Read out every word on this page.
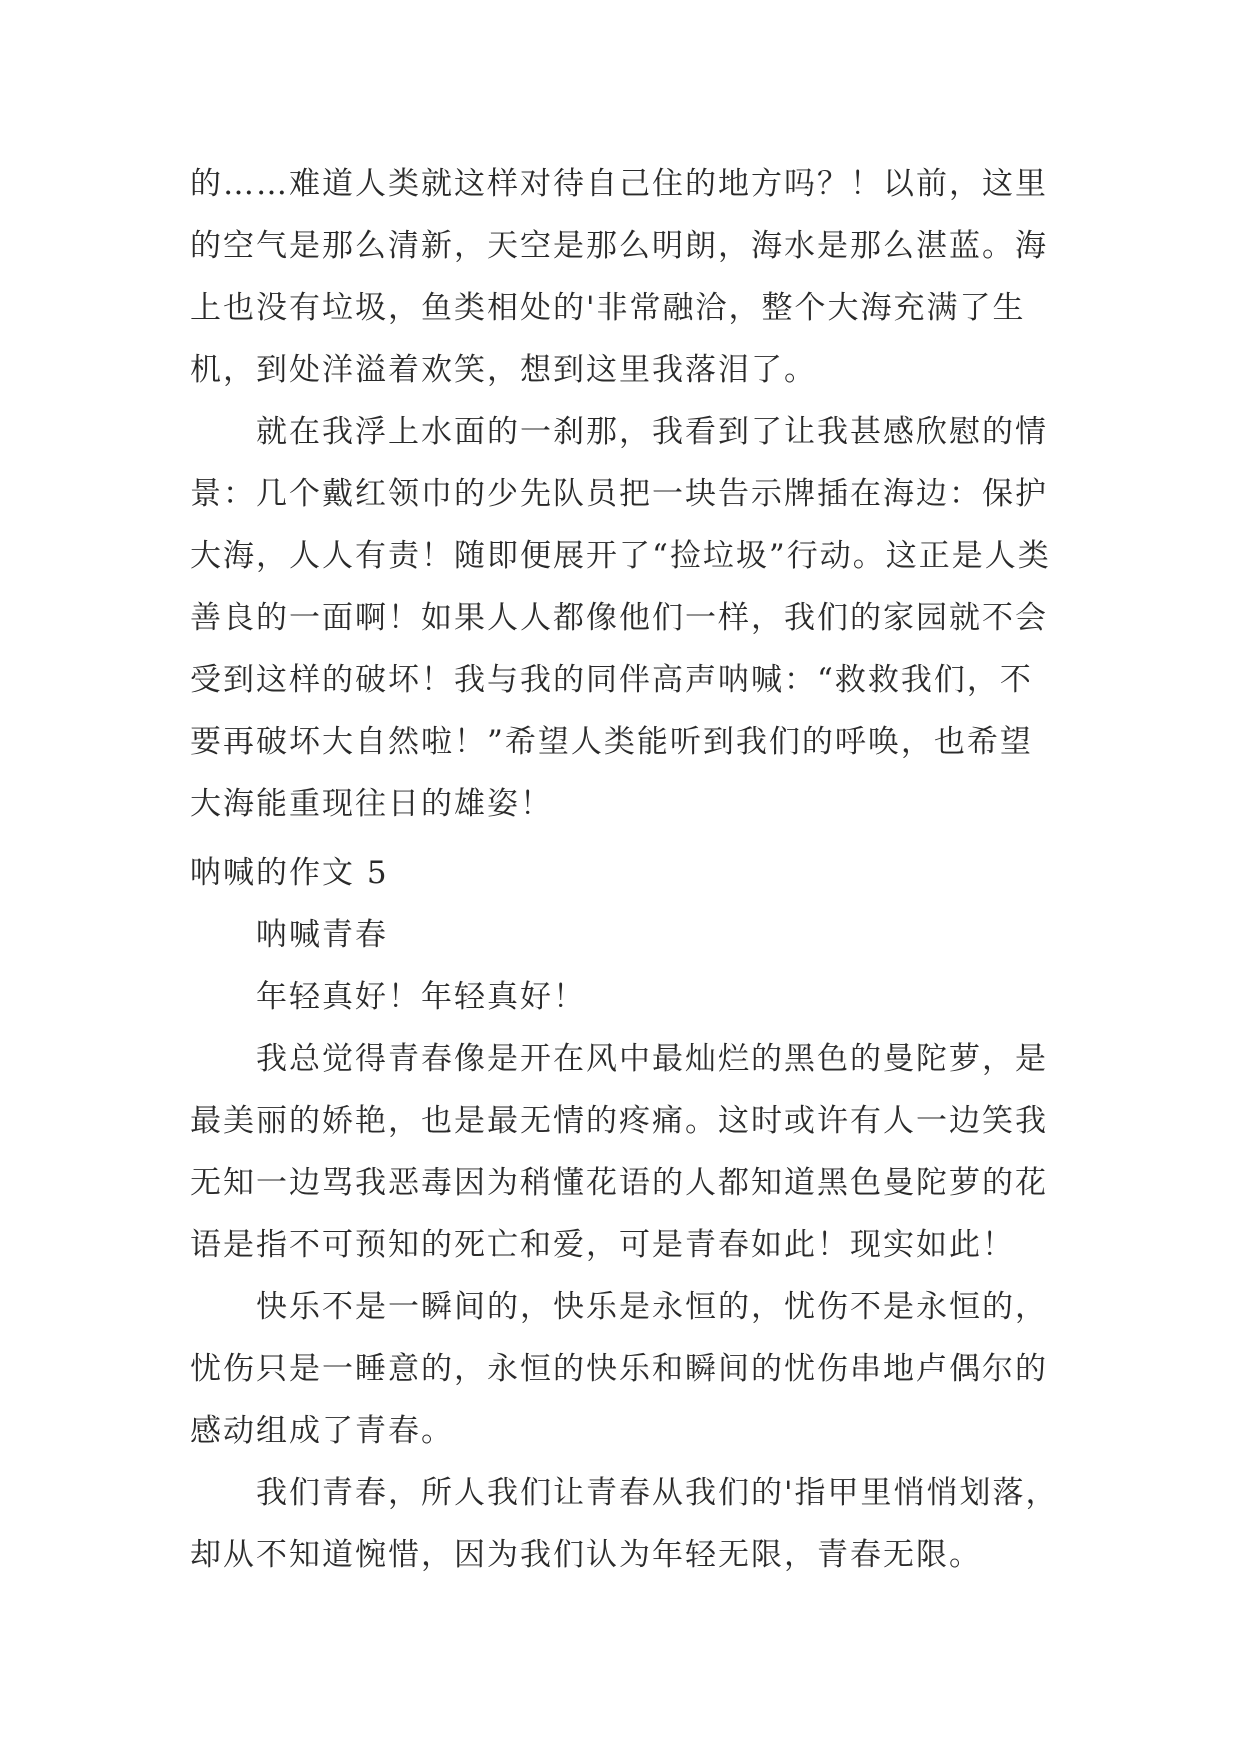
的……难道人类就这样对待自己住的地方吗？！以前，这里的空气是那么清新，天空是那么明朗，海水是那么湛蓝。海上也没有垃圾，鱼类相处的'非常融洽，整个大海充满了生机，到处洋溢着欢笑，想到这里我落泪了。

就在我浮上水面的一刹那，我看到了让我甚感欣慰的情景：几个戴红领巾的少先队员把一块告示牌插在海边：保护大海，人人有责！随即便展开了“捡垃圾”行动。这正是人类善良的一面啊！如果人人都像他们一样，我们的家园就不会受到这样的破坏！我与我的同伴高声呐喊：“救救我们，不要再破坏大自然啦！”希望人类能听到我们的呼唤，也希望大海能重现往日的雄姿！

呐喊的作文 5

呐喊青春

年轻真好！年轻真好！

我总觉得青春像是开在风中最灿烂的黑色的曼陀萝，是最美丽的娇艳，也是最无情的疼痛。这时或许有人一边笑我无知一边骂我恶毒因为稍懂花语的人都知道黑色曼陀萝的花语是指不可预知的死亡和爱，可是青春如此！现实如此！

快乐不是一瞬间的，快乐是永恒的，忧伤不是永恒的，忧伤只是一睡意的，永恒的快乐和瞬间的忧伤串地卢偶尔的感动组成了青春。

我们青春，所人我们让青春从我们的'指甲里悄悄划落，却从不知道惋惜，因为我们认为年轻无限，青春无限。
